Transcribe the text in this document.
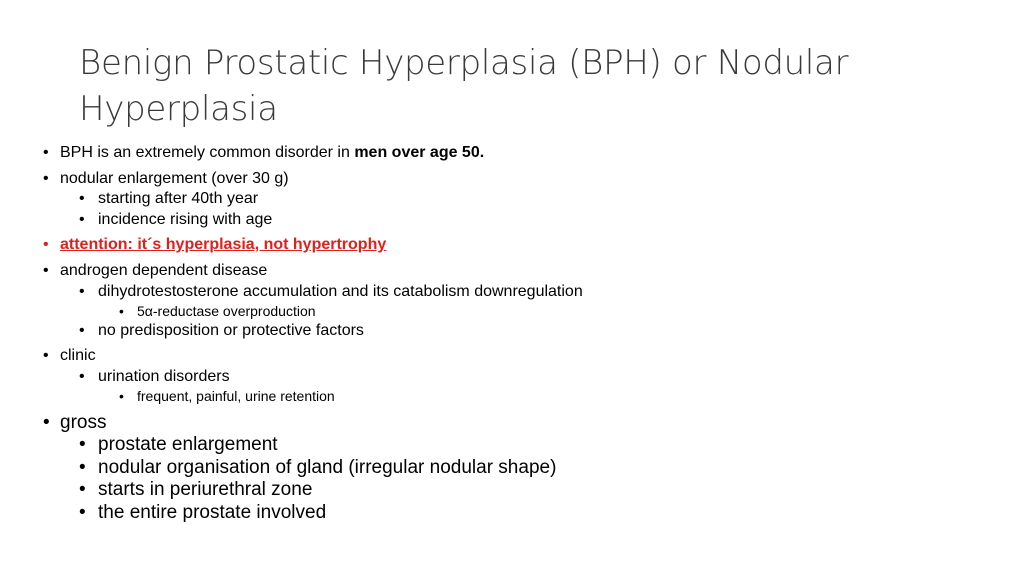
Benign Prostatic Hyperplasia (BPH) or Nodular Hyperplasia
• BPH is an extremely common disorder in men over age 50.
• nodular enlargement (over 30 g)
• starting after 40th year
• incidence rising with age
• attention: it´s hyperplasia, not hypertrophy
• androgen dependent disease
• dihydrotestosterone accumulation and its catabolism downregulation
• 5α-reductase overproduction
• no predisposition or protective factors
• clinic
• urination disorders
• frequent, painful, urine retention
• gross
• prostate enlargement
• nodular organisation of gland (irregular nodular shape)
• starts in periurethral zone
• the entire prostate involved
